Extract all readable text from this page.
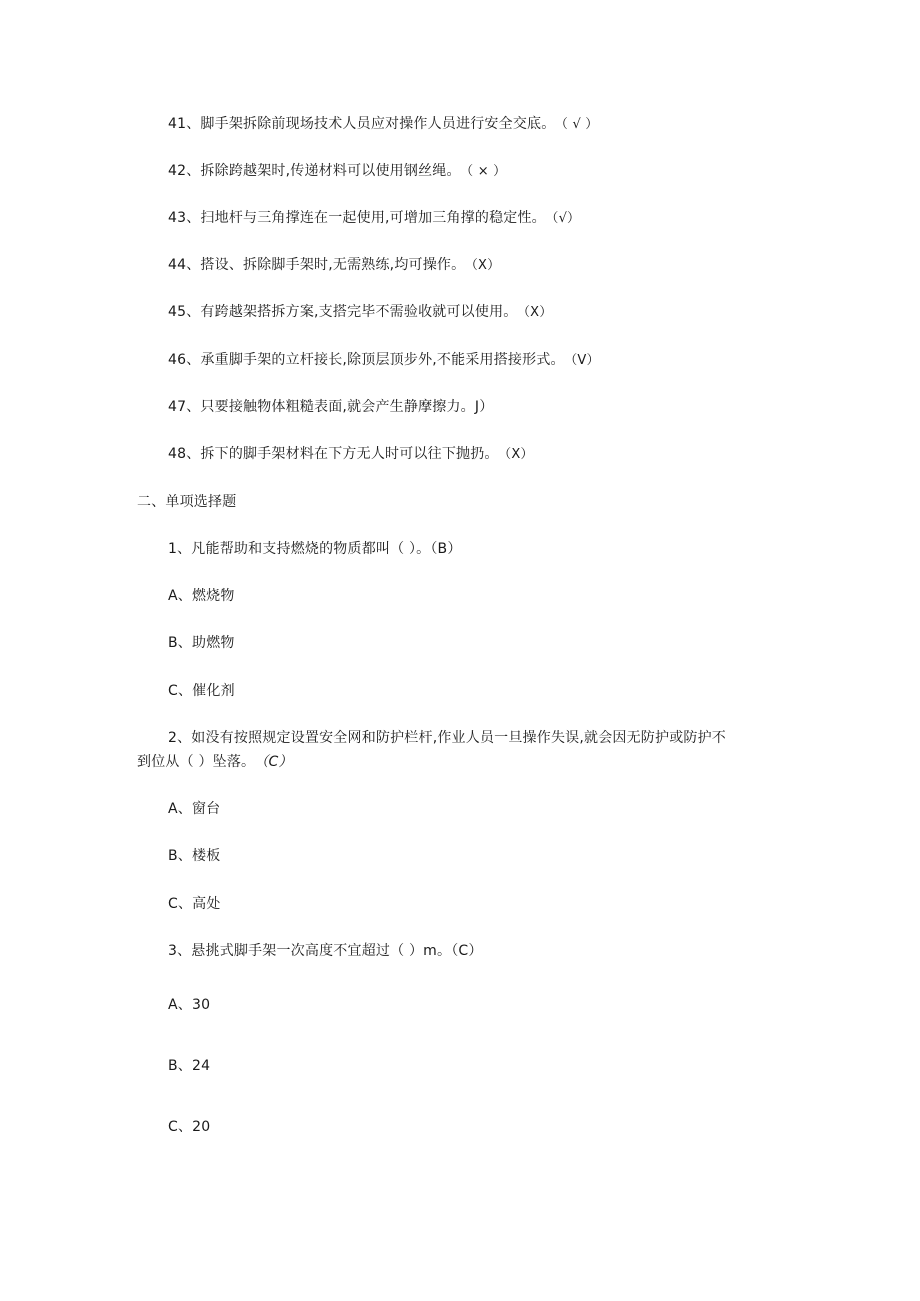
41、脚手架拆除前现场技术人员应对操作人员进行安全交底。 （ √ ）
42、拆除跨越架时,传递材料可以使用钢丝绳。 （ × ）
43、扫地杆与三角撑连在一起使用,可增加三角撑的稳定性。 （√）
44、搭设、拆除脚手架时,无需熟练,均可操作。 （X）
45、有跨越架搭拆方案,支搭完毕不需验收就可以使用。 （X）
46、承重脚手架的立杆接长,除顶层顶步外,不能采用搭接形式。 （V）
47、只要接触物体粗糙表面,就会产生静摩擦力。J）
48、拆下的脚手架材料在下方无人时可以往下抛扔。 （X）
二、单项选择题
1、凡能帮助和支持燃烧的物质都叫（ ）。（B）
A、燃烧物
B、助燃物
C、催化剂
2、如没有按照规定设置安全网和防护栏杆,作业人员一旦操作失误,就会因无防护或防护不
到位从（ ）坠落。 （C）
A、窗台
B、楼板
C、高处
3、悬挑式脚手架一次高度不宜超过（ ）m。（C）
A、30
B、24
C、20
